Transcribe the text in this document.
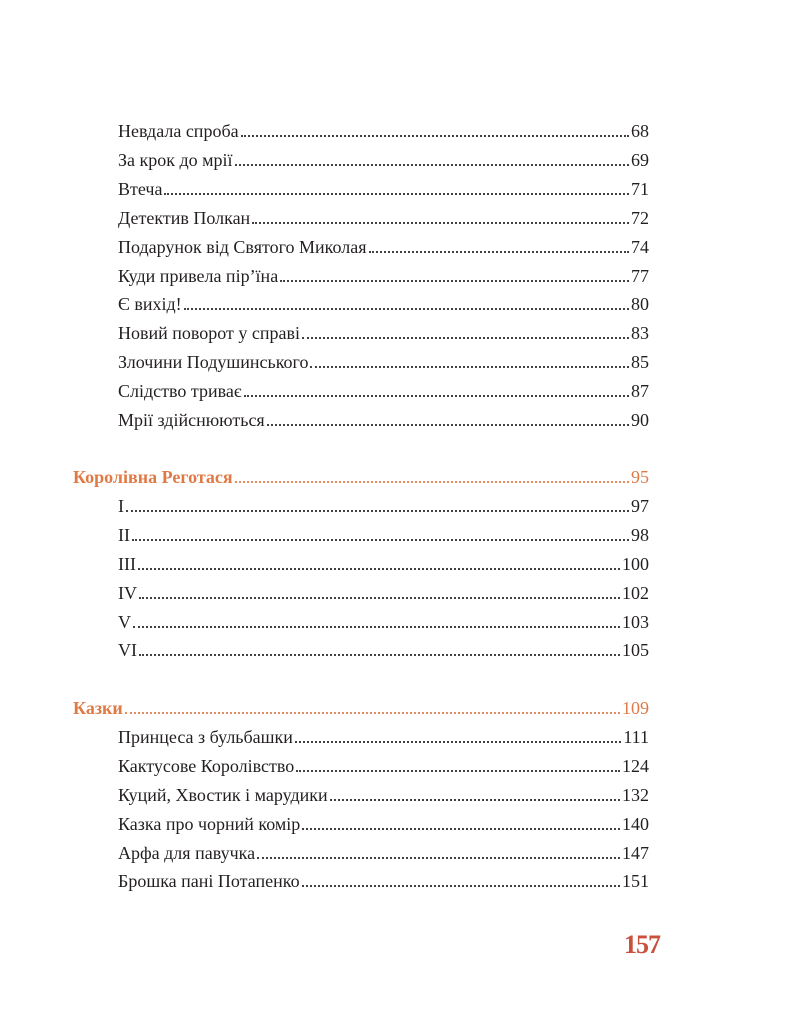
Невдала спроба	68
За крок до мрії	69
Втеча	71
Детектив Полкан	72
Подарунок від Святого Миколая	74
Куди привела пір’їна	77
Є вихід!	80
Новий поворот у справі	83
Злочини Подушинського	85
Слідство триває	87
Мрії здійснюються	90
Королівна Реготася	95
I	97
II	98
III	100
IV	102
V	103
VI	105
Казки	109
Принцеса з бульбашки	111
Кактусове Королівство	124
Куций, Хвостик і марудики	132
Казка про чорний комір	140
Арфа для павучка	147
Брошка пані Потапенко	151
157
